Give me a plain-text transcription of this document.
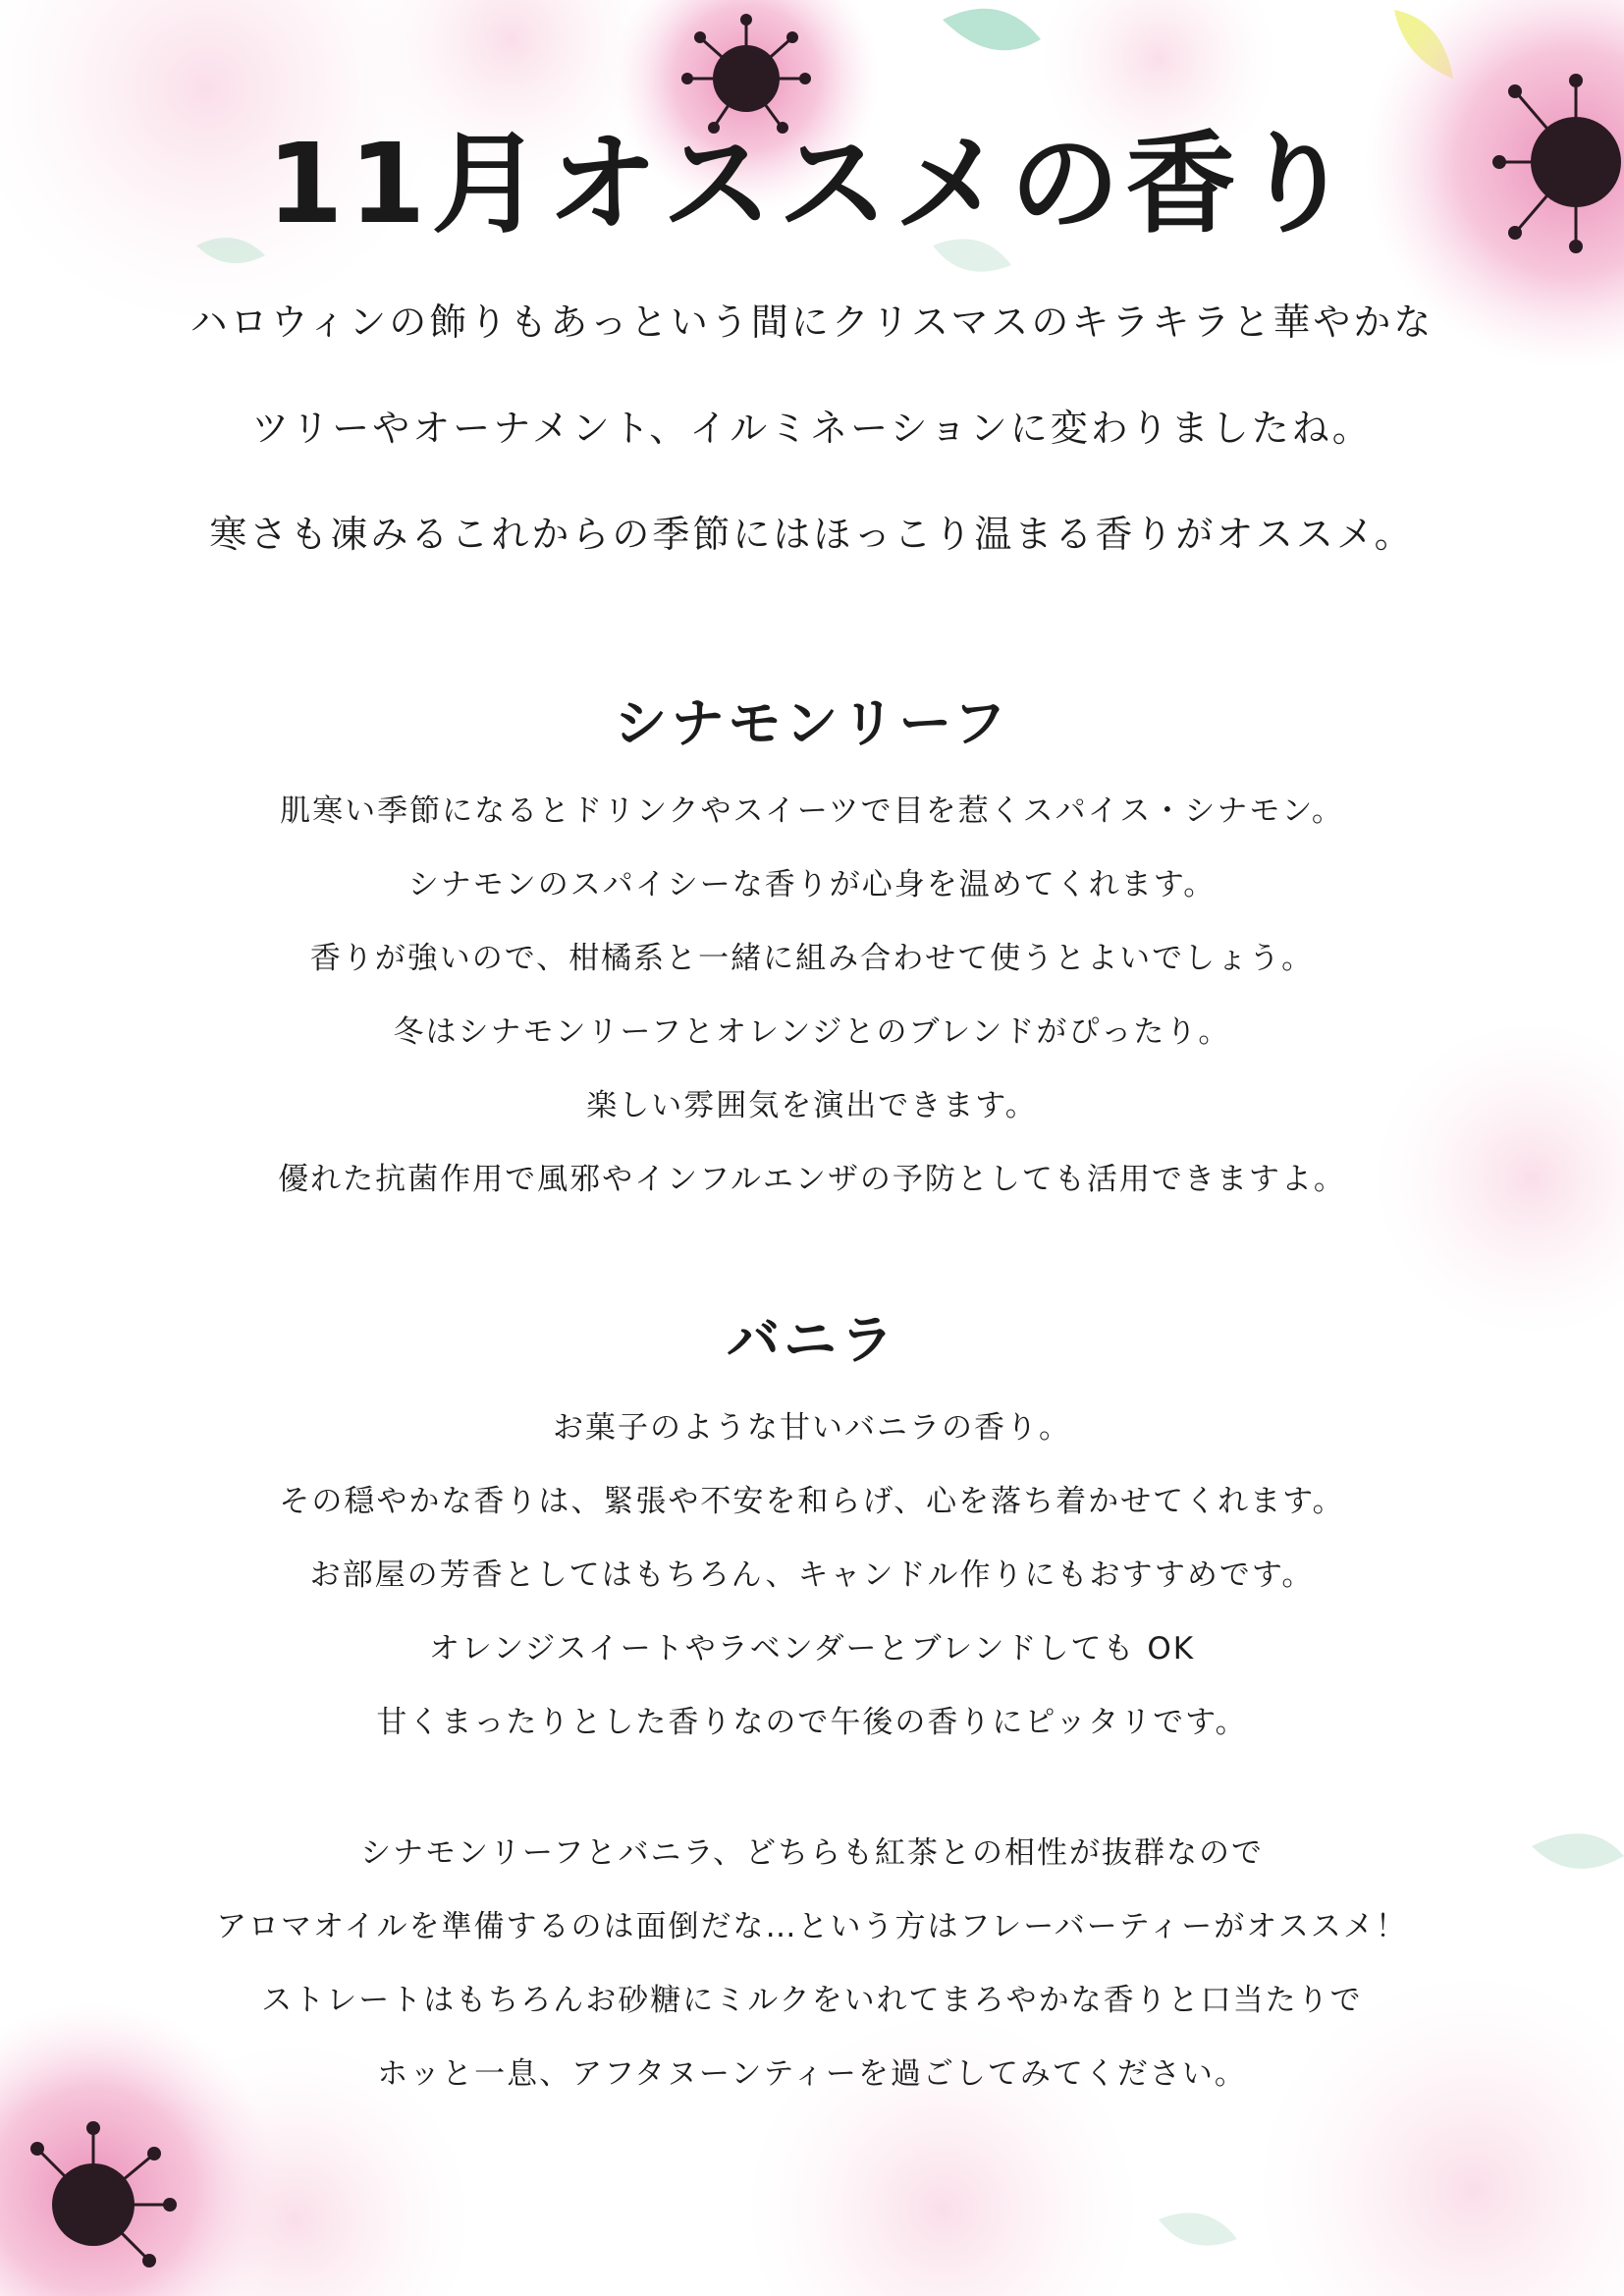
11月オススメの香り
ハロウィンの飾りもあっという間にクリスマスのキラキラと華やかな
ツリーやオーナメント、イルミネーションに変わりましたね。
寒さも凍みるこれからの季節にはほっこり温まる香りがオススメ。
シナモンリーフ
肌寒い季節になるとドリンクやスイーツで目を惹くスパイス・シナモン。
シナモンのスパイシーな香りが心身を温めてくれます。
香りが強いので、柑橘系と一緒に組み合わせて使うとよいでしょう。
冬はシナモンリーフとオレンジとのブレンドがぴったり。
楽しい雰囲気を演出できます。
優れた抗菌作用で風邪やインフルエンザの予防としても活用できますよ。
バニラ
お菓子のような甘いバニラの香り。
その穏やかな香りは、緊張や不安を和らげ、心を落ち着かせてくれます。
お部屋の芳香としてはもちろん、キャンドル作りにもおすすめです。
オレンジスイートやラベンダーとブレンドしても OK
甘くまったりとした香りなので午後の香りにピッタリです。
シナモンリーフとバニラ、どちらも紅茶との相性が抜群なので
アロマオイルを準備するのは面倒だな…という方はフレーバーティーがオススメ！
ストレートはもちろんお砂糖にミルクをいれてまろやかな香りと口当たりで
ホッと一息、アフタヌーンティーを過ごしてみてください。
